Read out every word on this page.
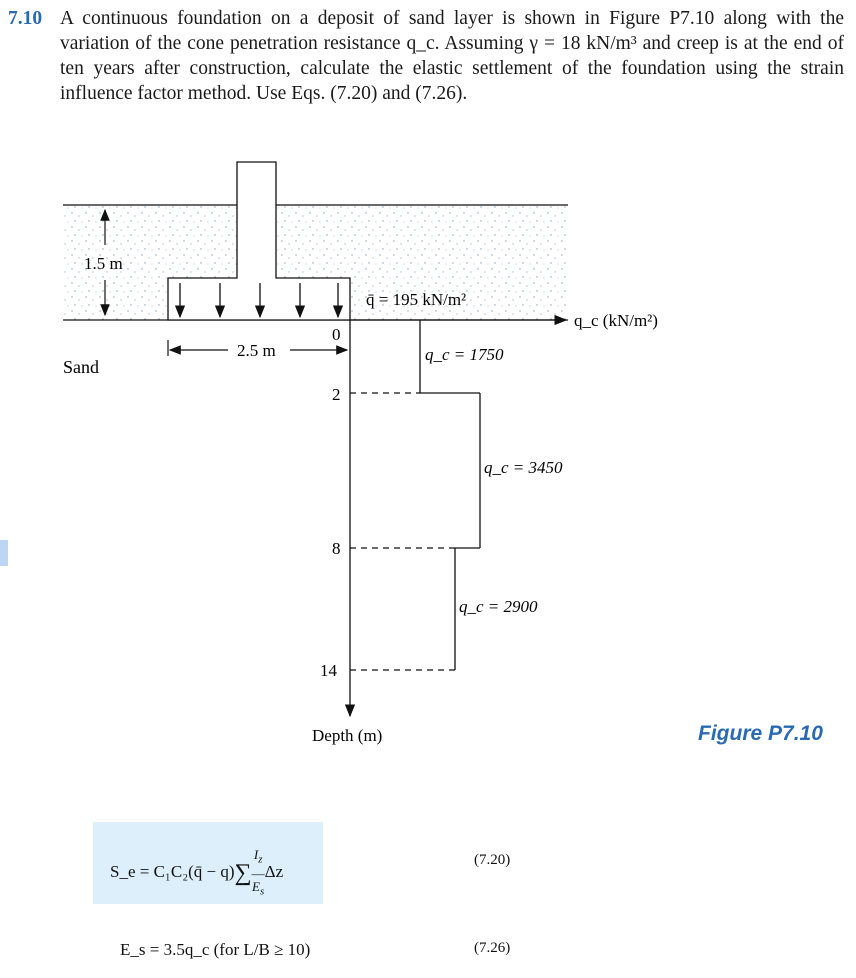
7.10 A continuous foundation on a deposit of sand layer is shown in Figure P7.10 along with the variation of the cone penetration resistance q_c. Assuming γ = 18 kN/m³ and creep is at the end of ten years after construction, calculate the elastic settlement of the foundation using the strain influence factor method. Use Eqs. (7.20) and (7.26).
1.5 m
2.5 m
Sand
q̄ = 195 kN/m²
q_c (kN/m²)
Depth (m)
0
2
8
14
q_c = 1750
q_c = 3450
q_c = 2900
Figure P7.10
S_e = C₁C₂(q̄ − $q)\sum I_z$
―
$E_s\Delta z$
(7.20)
E_s = 3.5q_c (for L/B ≥ 10)	(7.26)
